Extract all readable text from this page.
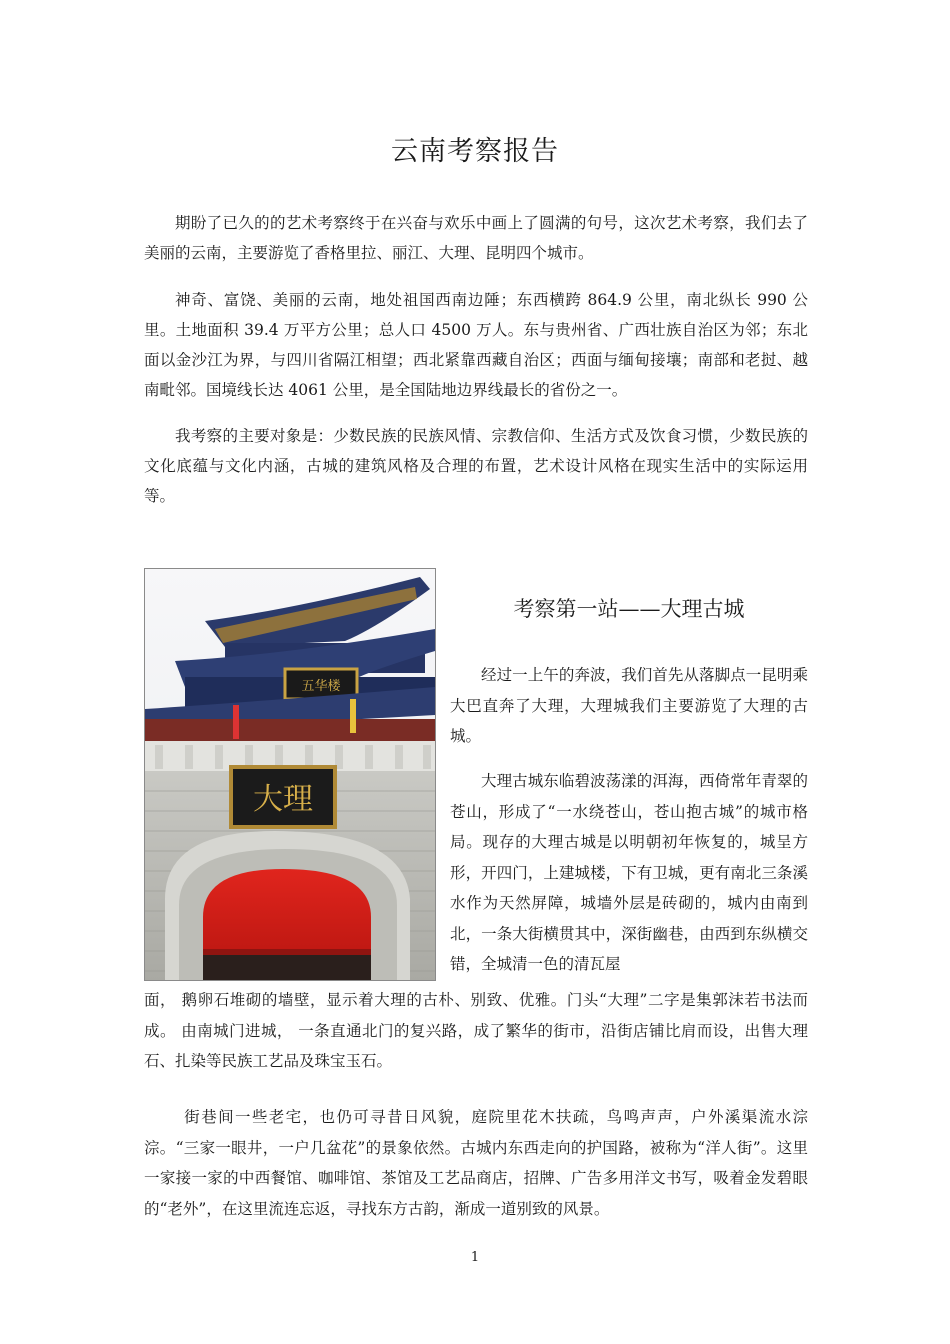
云南考察报告

期盼了已久的的艺术考察终于在兴奋与欢乐中画上了圆满的句号，这次艺术考察，我们去了美丽的云南，主要游览了香格里拉、丽江、大理、昆明四个城市。

神奇、富饶、美丽的云南，地处祖国西南边陲；东西横跨 864.9 公里，南北纵长 990 公里。土地面积 39.4 万平方公里；总人口 4500 万人。东与贵州省、广西壮族自治区为邻；东北面以金沙江为界，与四川省隔江相望；西北紧靠西藏自治区；西面与缅甸接壤；南部和老挝、越南毗邻。国境线长达 4061 公里，是全国陆地边界线最长的省份之一。

我考察的主要对象是：少数民族的民族风情、宗教信仰、生活方式及饮食习惯，少数民族的文化底蕴与文化内涵，古城的建筑风格及合理的布置，艺术设计风格在现实生活中的实际运用等。

五华楼
大理
考察第一站——大理古城

经过一上午的奔波，我们首先从落脚点一昆明乘大巴直奔了大理，大理城我们主要游览了大理的古城。

大理古城东临碧波荡漾的洱海，西倚常年青翠的苍山，形成了“一水绕苍山，苍山抱古城”的城市格局。现存的大理古城是以明朝初年恢复的，城呈方形，开四门，上建城楼，下有卫城，更有南北三条溪水作为天然屏障，城墙外层是砖砌的，城内由南到北，一条大街横贯其中，深街幽巷，由西到东纵横交错，全城清一色的清瓦屋

面， 鹅卵石堆砌的墙壁，显示着大理的古朴、别致、优雅。门头“大理”二字是集郭沫若书法而成。 由南城门进城， 一条直通北门的复兴路，成了繁华的街市，沿街店铺比肩而设，出售大理石、扎染等民族工艺品及珠宝玉石。

街巷间一些老宅，也仍可寻昔日风貌，庭院里花木扶疏，鸟鸣声声，户外溪渠流水淙淙。“三家一眼井，一户几盆花”的景象依然。古城内东西走向的护国路，被称为“洋人街”。这里一家接一家的中西餐馆、咖啡馆、茶馆及工艺品商店，招牌、广告多用洋文书写，吸着金发碧眼的“老外”，在这里流连忘返，寻找东方古韵，渐成一道别致的风景。

1
